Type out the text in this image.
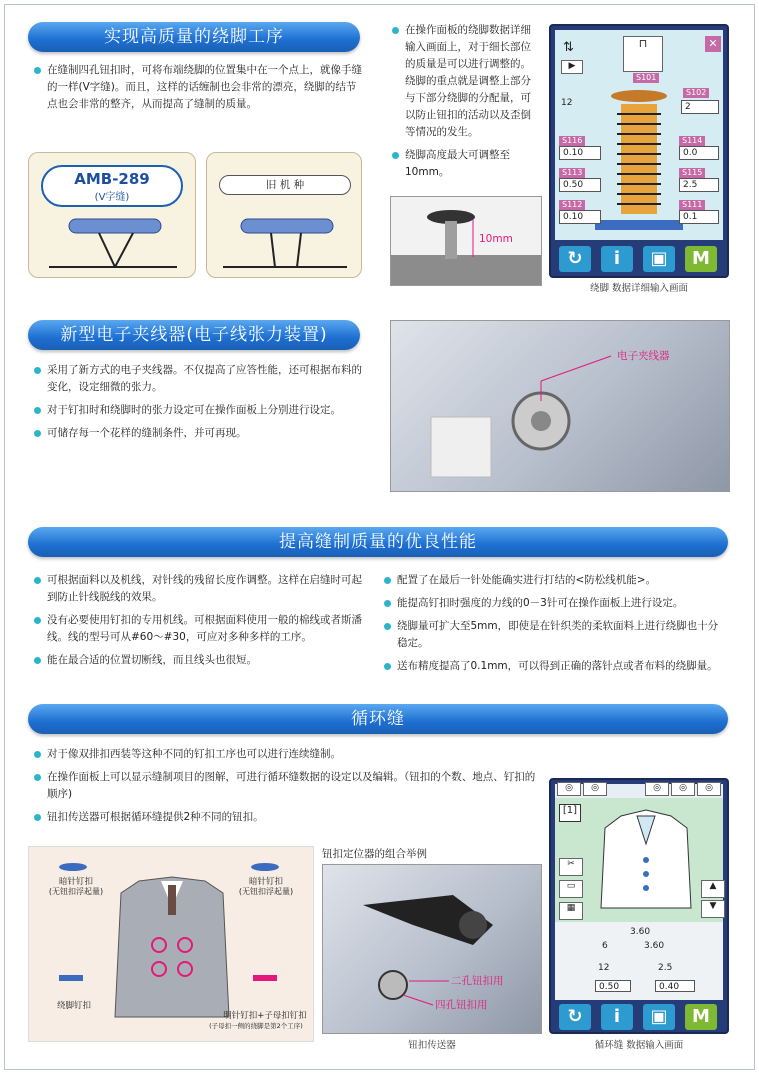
实现高质量的绕脚工序
在缝制四孔钮扣时，可将布端绕脚的位置集中在一个点上，就像手缝的一样(V字缝)。而且，这样的话缠制也会非常的漂亮，绕脚的结节点也会非常的整齐，从而提高了缝制的质量。
AMB-289
(V字缝)
旧 机 种
在操作面板的绕脚数据详细输入画面上，对于细长部位的质量是可以进行调整的。绕脚的重点就是调整上部分与下部分绕脚的分配量，可以防止钮扣的活动以及歪倒等情况的发生。
绕脚高度最大可调整至10mm。
10mm
⇅
▶
⊓
S101
✕
12
S102
2
S116
0.10
S114
0.0
S113
0.50
S115
2.5
S112
0.10
S111
0.1
↻	i	▣	M
绕脚 数据详细输入画面
新型电子夹线器(电子线张力装置)
采用了新方式的电子夹线器。不仅提高了应答性能，还可根据布料的变化，设定细微的张力。
对于钉扣时和绕脚时的张力设定可在操作面板上分别进行设定。
可储存每一个花样的缝制条件，并可再现。
电子夹线器
提高缝制质量的优良性能
可根据面料以及机线，对针线的残留长度作调整。这样在启缝时可起到防止针线脱线的效果。
没有必要使用钉扣的专用机线。可根据面料使用一般的棉线或者斯潘线。线的型号可从#60～#30，可应对多种多样的工序。
能在最合适的位置切断线，而且线头也很短。
配置了在最后一针处能确实进行打结的<防松线机能>。
能提高钉扣时强度的力线的0－3针可在操作面板上进行设定。
绕脚量可扩大至5mm，即使是在针织类的柔软面料上进行绕脚也十分稳定。
送布精度提高了0.1mm，可以得到正确的落针点或者布料的绕脚量。
循环缝
对于像双排扣西装等这种不同的钉扣工序也可以进行连续缝制。
在操作面板上可以显示缝制项目的图解，可进行循环缝数据的设定以及编辑。（钮扣的个数、地点、钉扣的顺序)
钮扣传送器可根据循环缝提供2种不同的钮扣。
暗针钉扣
(无钮扣浮起量)
暗针钉扣
(无钮扣浮起量)
绕脚钉扣
明针钉扣+子母扣钉扣
(子母扣一侧的绕脚是第2个工序)
钮扣定位器的组合举例
二孔钮扣用
四孔钮扣用
钮扣传送器
◎	◎	◎	◎	◎
[1]
✂
▭
▦
▲
▼
3.60
6	3.60
12	2.5
0.50	0.40
↻	i	▣	M
循环缝 数据输入画面
